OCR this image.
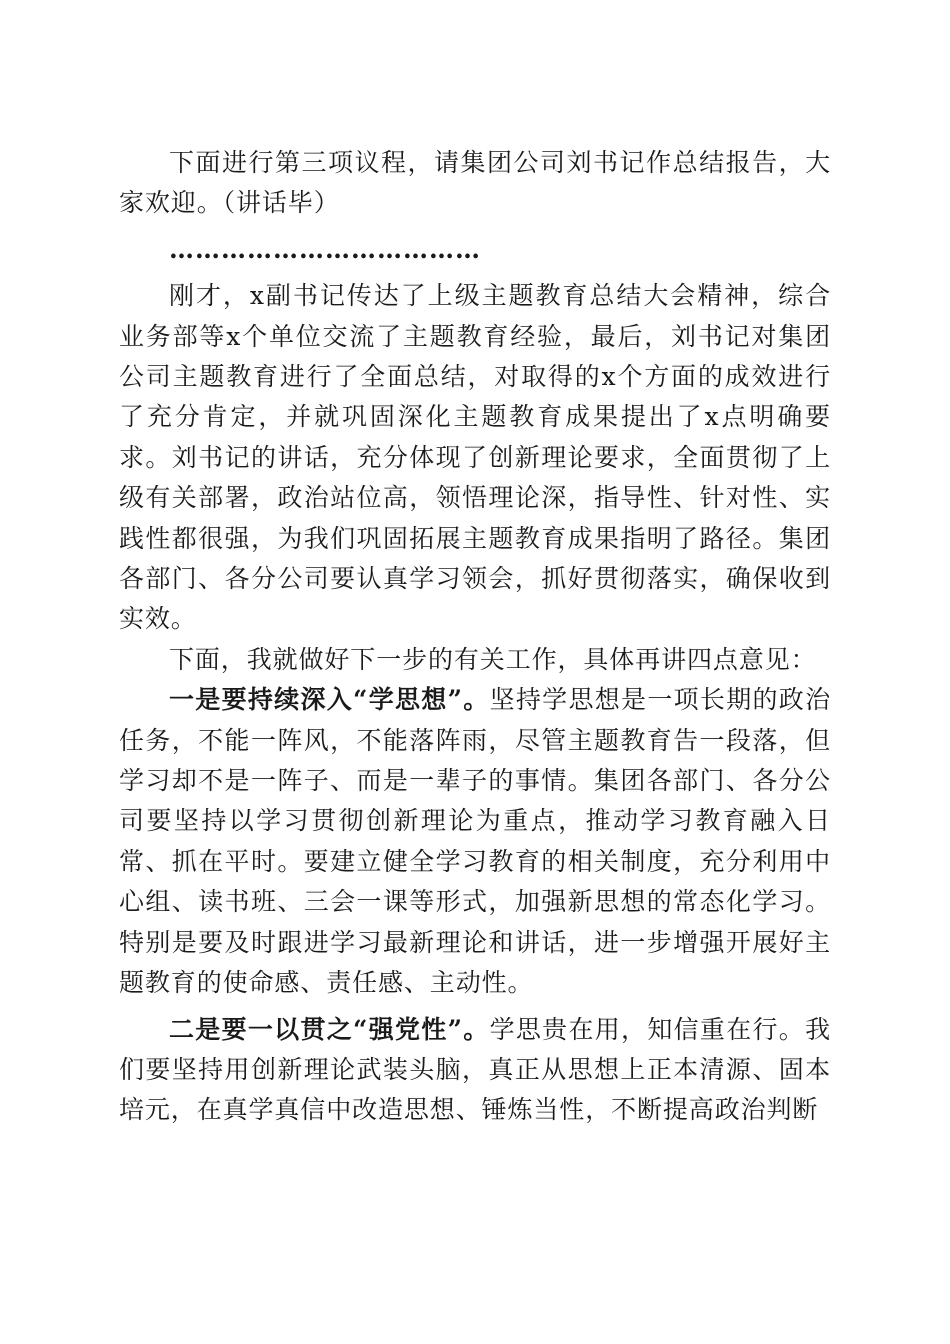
下面进行第三项议程，请集团公司刘书记作总结报告，大家欢迎。（讲话毕）

………………………………

刚才，x副书记传达了上级主题教育总结大会精神，综合业务部等x个单位交流了主题教育经验，最后，刘书记对集团公司主题教育进行了全面总结，对取得的x个方面的成效进行了充分肯定，并就巩固深化主题教育成果提出了x点明确要求。刘书记的讲话，充分体现了创新理论要求，全面贯彻了上级有关部署，政治站位高，领悟理论深，指导性、针对性、实践性都很强，为我们巩固拓展主题教育成果指明了路径。集团各部门、各分公司要认真学习领会，抓好贯彻落实，确保收到实效。

下面，我就做好下一步的有关工作，具体再讲四点意见：

一是要持续深入“学思想”。坚持学思想是一项长期的政治任务，不能一阵风，不能落阵雨，尽管主题教育告一段落，但学习却不是一阵子、而是一辈子的事情。集团各部门、各分公司要坚持以学习贯彻创新理论为重点，推动学习教育融入日常、抓在平时。要建立健全学习教育的相关制度，充分利用中心组、读书班、三会一课等形式，加强新思想的常态化学习。特别是要及时跟进学习最新理论和讲话，进一步增强开展好主题教育的使命感、责任感、主动性。

二是要一以贯之“强党性”。学思贵在用，知信重在行。我们要坚持用创新理论武装头脑，真正从思想上正本清源、固本培元，在真学真信中改造思想、锤炼当性，不断提高政治判断
